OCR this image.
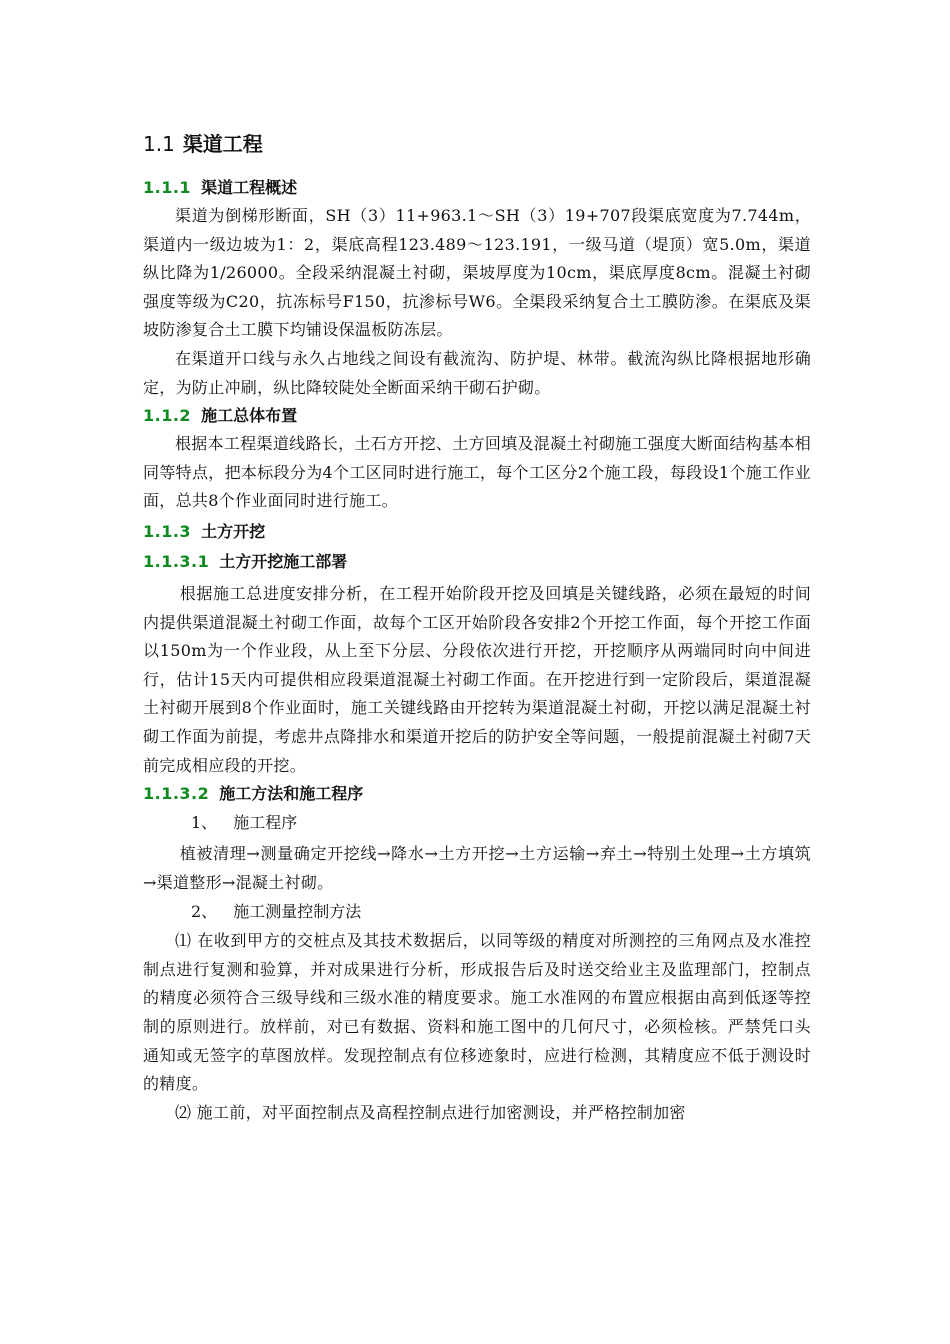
1.1 渠道工程
1.1.1 渠道工程概述

渠道为倒梯形断面，SH（3）11+963.1～SH（3）19+707段渠底宽度为7.744m，渠道内一级边坡为1：2，渠底高程123.489～123.191，一级马道（堤顶）宽5.0m，渠道纵比降为1/26000。全段采纳混凝土衬砌，渠坡厚度为10cm，渠底厚度8cm。混凝土衬砌强度等级为C20，抗冻标号F150，抗渗标号W6。全渠段采纳复合土工膜防渗。在渠底及渠坡防渗复合土工膜下均铺设保温板防冻层。

在渠道开口线与永久占地线之间设有截流沟、防护堤、林带。截流沟纵比降根据地形确定，为防止冲刷，纵比降较陡处全断面采纳干砌石护砌。

1.1.2 施工总体布置

根据本工程渠道线路长，土石方开挖、土方回填及混凝土衬砌施工强度大断面结构基本相同等特点，把本标段分为4个工区同时进行施工，每个工区分2个施工段，每段设1个施工作业面，总共8个作业面同时进行施工。

1.1.3 土方开挖
1.1.3.1 土方开挖施工部署

根据施工总进度安排分析，在工程开始阶段开挖及回填是关键线路，必须在最短的时间内提供渠道混凝土衬砌工作面，故每个工区开始阶段各安排2个开挖工作面，每个开挖工作面以150m为一个作业段，从上至下分层、分段依次进行开挖，开挖顺序从两端同时向中间进行，估计15天内可提供相应段渠道混凝土衬砌工作面。在开挖进行到一定阶段后，渠道混凝土衬砌开展到8个作业面时，施工关键线路由开挖转为渠道混凝土衬砌，开挖以满足混凝土衬砌工作面为前提，考虑井点降排水和渠道开挖后的防护安全等问题，一般提前混凝土衬砌7天前完成相应段的开挖。

1.1.3.2 施工方法和施工程序
1、 施工程序

植被清理→测量确定开挖线→降水→土方开挖→土方运输→弃土→特别土处理→土方填筑→渠道整形→混凝土衬砌。

2、 施工测量控制方法

⑴ 在收到甲方的交桩点及其技术数据后，以同等级的精度对所测控的三角网点及水准控制点进行复测和验算，并对成果进行分析，形成报告后及时送交给业主及监理部门，控制点的精度必须符合三级导线和三级水准的精度要求。施工水准网的布置应根据由高到低逐等控制的原则进行。放样前，对已有数据、资料和施工图中的几何尺寸，必须检核。严禁凭口头通知或无签字的草图放样。发现控制点有位移迹象时，应进行检测，其精度应不低于测设时的精度。

⑵ 施工前，对平面控制点及高程控制点进行加密测设，并严格控制加密
